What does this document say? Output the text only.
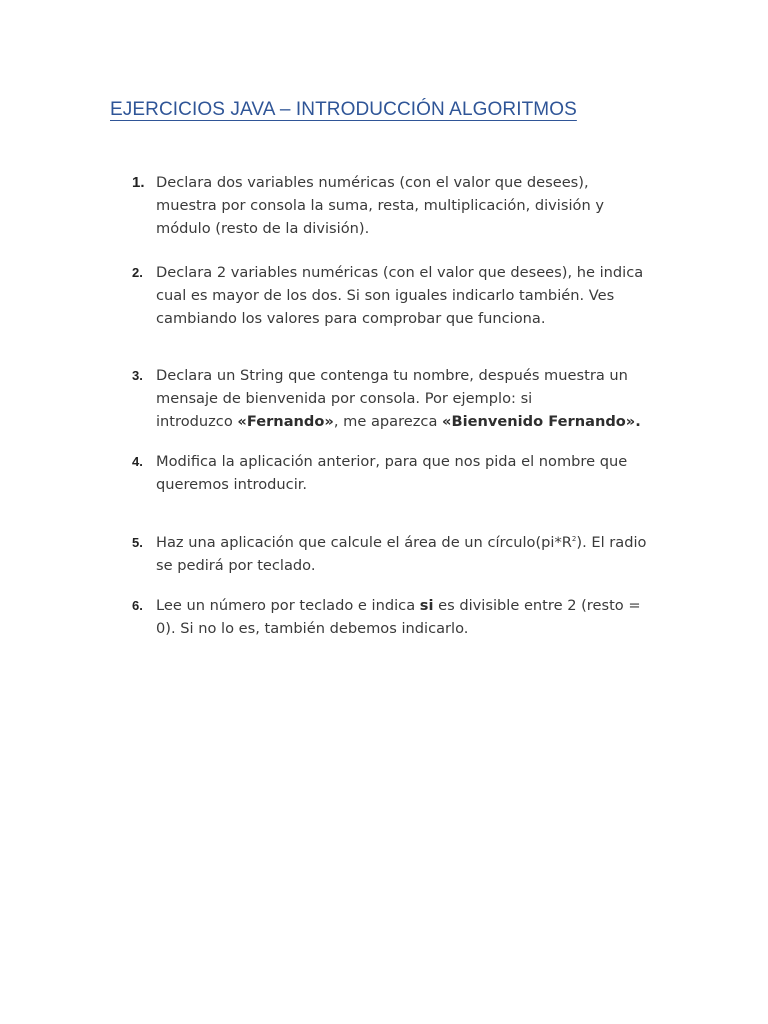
EJERCICIOS JAVA – INTRODUCCIÓN ALGORITMOS
1. Declara dos variables numéricas (con el valor que desees),
muestra por consola la suma, resta, multiplicación, división y
módulo (resto de la división).
2. Declara 2 variables numéricas (con el valor que desees), he indica
cual es mayor de los dos. Si son iguales indicarlo también. Ves
cambiando los valores para comprobar que funciona.
3. Declara un String que contenga tu nombre, después muestra un
mensaje de bienvenida por consola. Por ejemplo: si
introduzco «Fernando», me aparezca «Bienvenido Fernando».
4. Modifica la aplicación anterior, para que nos pida el nombre que
queremos introducir.
5. Haz una aplicación que calcule el área de un $círculo(pi*R^2)$. El radio
se pedirá por teclado.
6. Lee un número por teclado e indica si es divisible entre 2 (resto =
0). Si no lo es, también debemos indicarlo.
